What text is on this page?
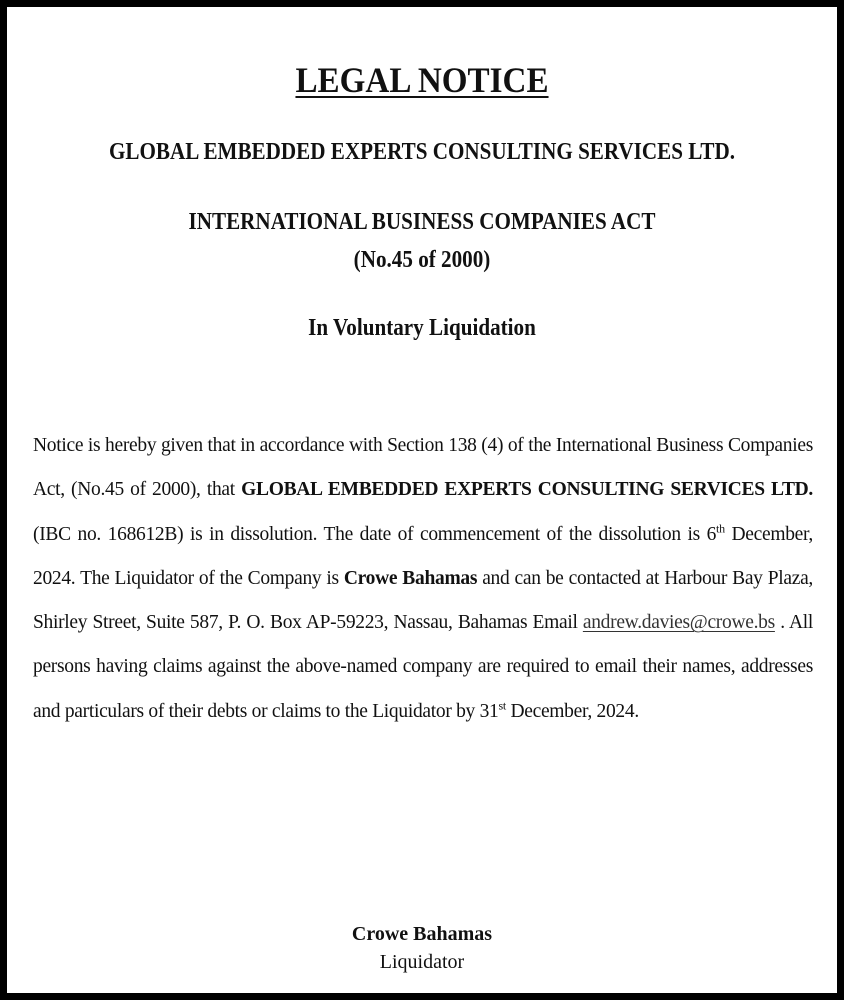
LEGAL NOTICE
GLOBAL EMBEDDED EXPERTS CONSULTING SERVICES LTD.
INTERNATIONAL BUSINESS COMPANIES ACT
(No.45 of 2000)
In Voluntary Liquidation
Notice is hereby given that in accordance with Section 138 (4) of the International Business Companies Act, (No.45 of 2000), that GLOBAL EMBEDDED EXPERTS CONSULTING SERVICES LTD. (IBC no. 168612B) is in dissolution. The date of commencement of the dissolution is 6th December, 2024. The Liquidator of the Company is Crowe Bahamas and can be contacted at Harbour Bay Plaza, Shirley Street, Suite 587, P. O. Box AP-59223, Nassau, Bahamas Email andrew.davies@crowe.bs . All persons having claims against the above-named company are required to email their names, addresses and particulars of their debts or claims to the Liquidator by 31st December, 2024.
Crowe Bahamas
Liquidator
